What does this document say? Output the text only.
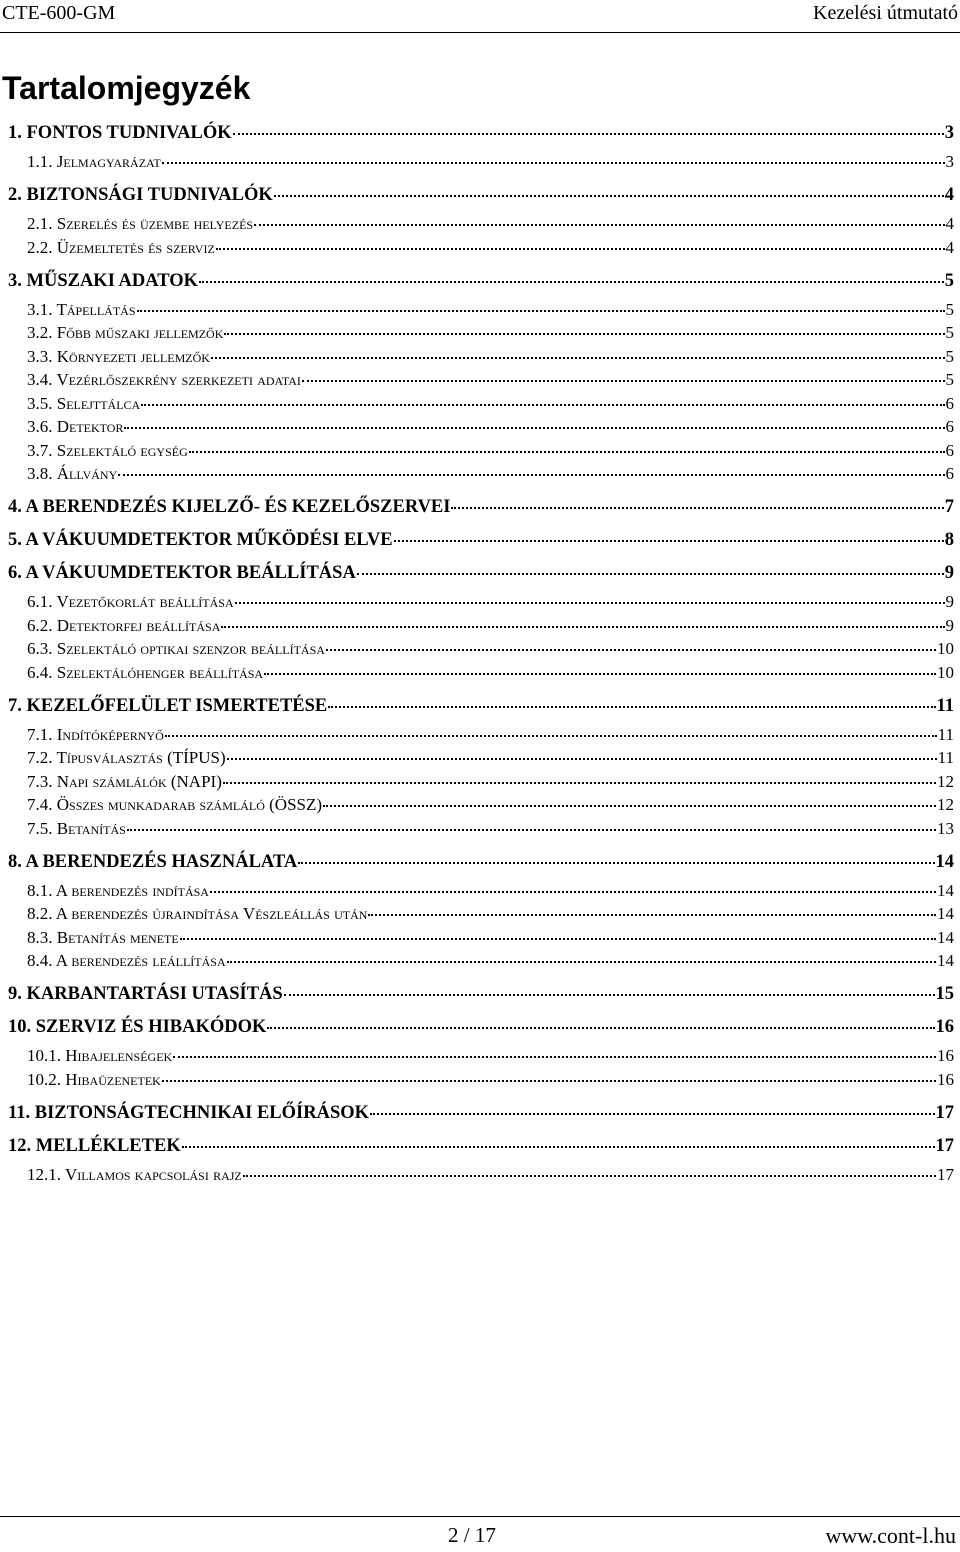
CTE-600-GM	Kezelési útmutató
Tartalomjegyzék
1. FONTOS TUDNIVALÓK	3
1.1. Jelmagyarázat	3
2. BIZTONSÁGI TUDNIVALÓK	4
2.1. Szerelés és üzembe helyezés	4
2.2. Üzemeltetés és szerviz	4
3. MŰSZAKI ADATOK	5
3.1. Tápellátás	5
3.2. Főbb műszaki jellemzők	5
3.3. Környezeti jellemzők	5
3.4. Vezérlőszekrény szerkezeti adatai	5
3.5. Selejttálca	6
3.6. Detektor	6
3.7. Szelektáló egység	6
3.8. Állvány	6
4. A BERENDEZÉS KIJELZŐ- ÉS KEZELŐSZERVEI	7
5. A VÁKUUMDETEKTOR MŰKÖDÉSI ELVE	8
6. A VÁKUUMDETEKTOR BEÁLLÍTÁSA	9
6.1. Vezetőkorlát beállítása	9
6.2. Detektorfej beállítása	9
6.3. Szelektáló optikai szenzor beállítása	10
6.4. Szelektálóhenger beállítása	10
7. KEZELŐFELÜLET ISMERTETÉSE	11
7.1. Indítóképernyő	11
7.2. Típusválasztás (TÍPUS)	11
7.3. Napi számlálók (NAPI)	12
7.4. Összes munkadarab számláló (ÖSSZ)	12
7.5. Betanítás	13
8. A BERENDEZÉS HASZNÁLATA	14
8.1. A berendezés indítása	14
8.2. A berendezés újraindítása Vészleállás után	14
8.3. Betanítás menete	14
8.4. A berendezés leállítása	14
9. KARBANTARTÁSI UTASÍTÁS	15
10. SZERVIZ ÉS HIBAKÓDOK	16
10.1. Hibajelenségek	16
10.2. Hibaüzenetek	16
11. BIZTONSÁGTECHNIKAI ELŐÍRÁSOK	17
12. MELLÉKLETEK	17
12.1. Villamos kapcsolási rajz	17
2 / 17	www.cont-l.hu
